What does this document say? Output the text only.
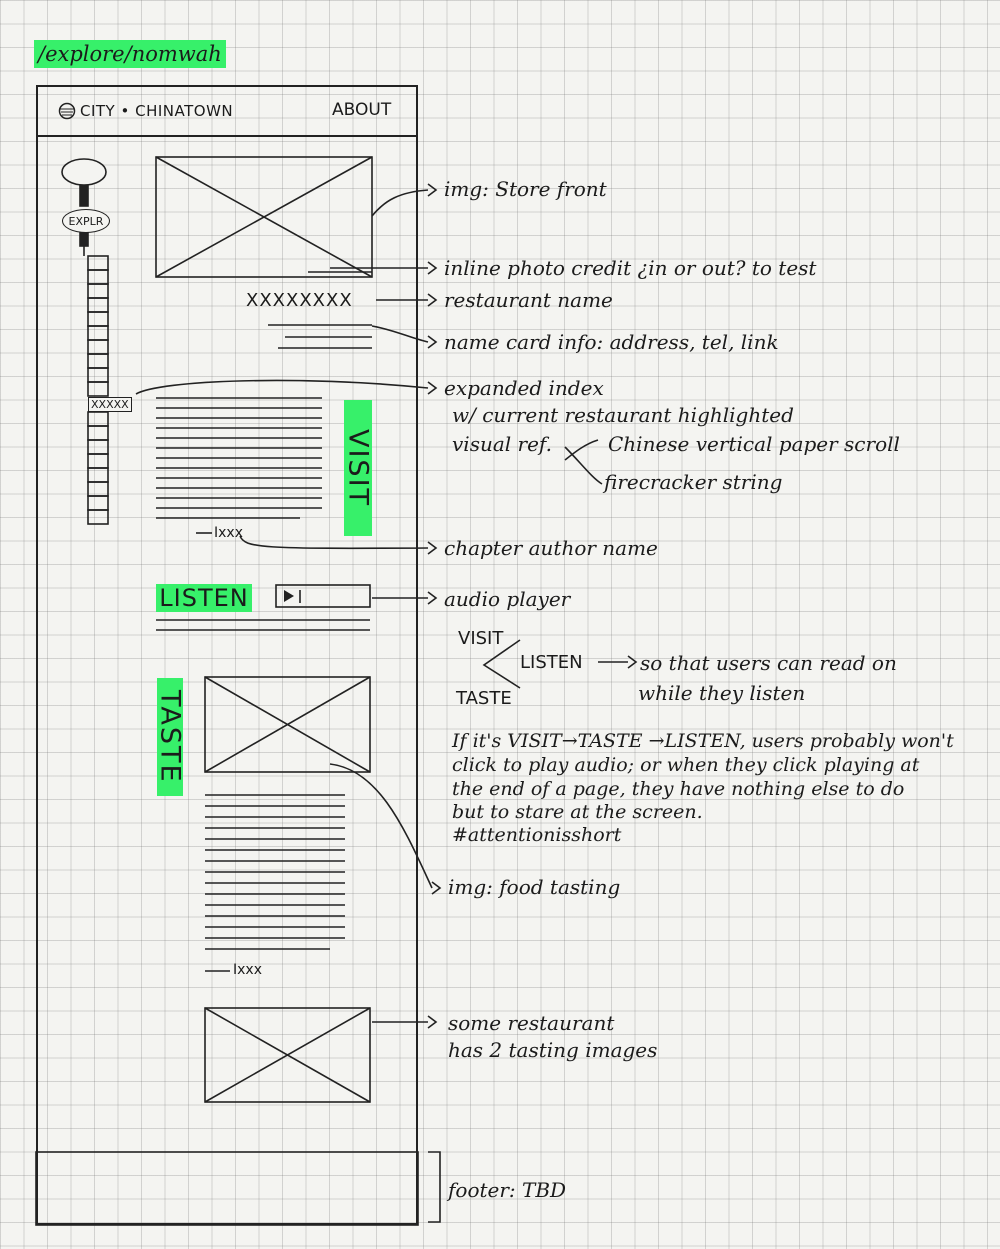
/explore/nomwah
CITY • CHINATOWN	ABOUT
EXPLR
XXXXX
XXXXXXXX
VISIT
Ixxx
LISTEN
TASTE
Ixxx
img: Store front
inline photo credit ¿in or out? to test
restaurant name
name card info: address, tel, link
expanded index
w/ current restaurant highlighted
visual ref.	Chinese vertical paper scroll
firecracker string
chapter author name
audio player
VISIT
LISTEN
TASTE
so that users can read on
while they listen
If it's VISIT→TASTE →LISTEN, users probably won't
click to play audio; or when they click playing at
the end of a page, they have nothing else to do
but to stare at the screen.
#attentionisshort
img: food tasting
some restaurant
has 2 tasting images
footer: TBD
